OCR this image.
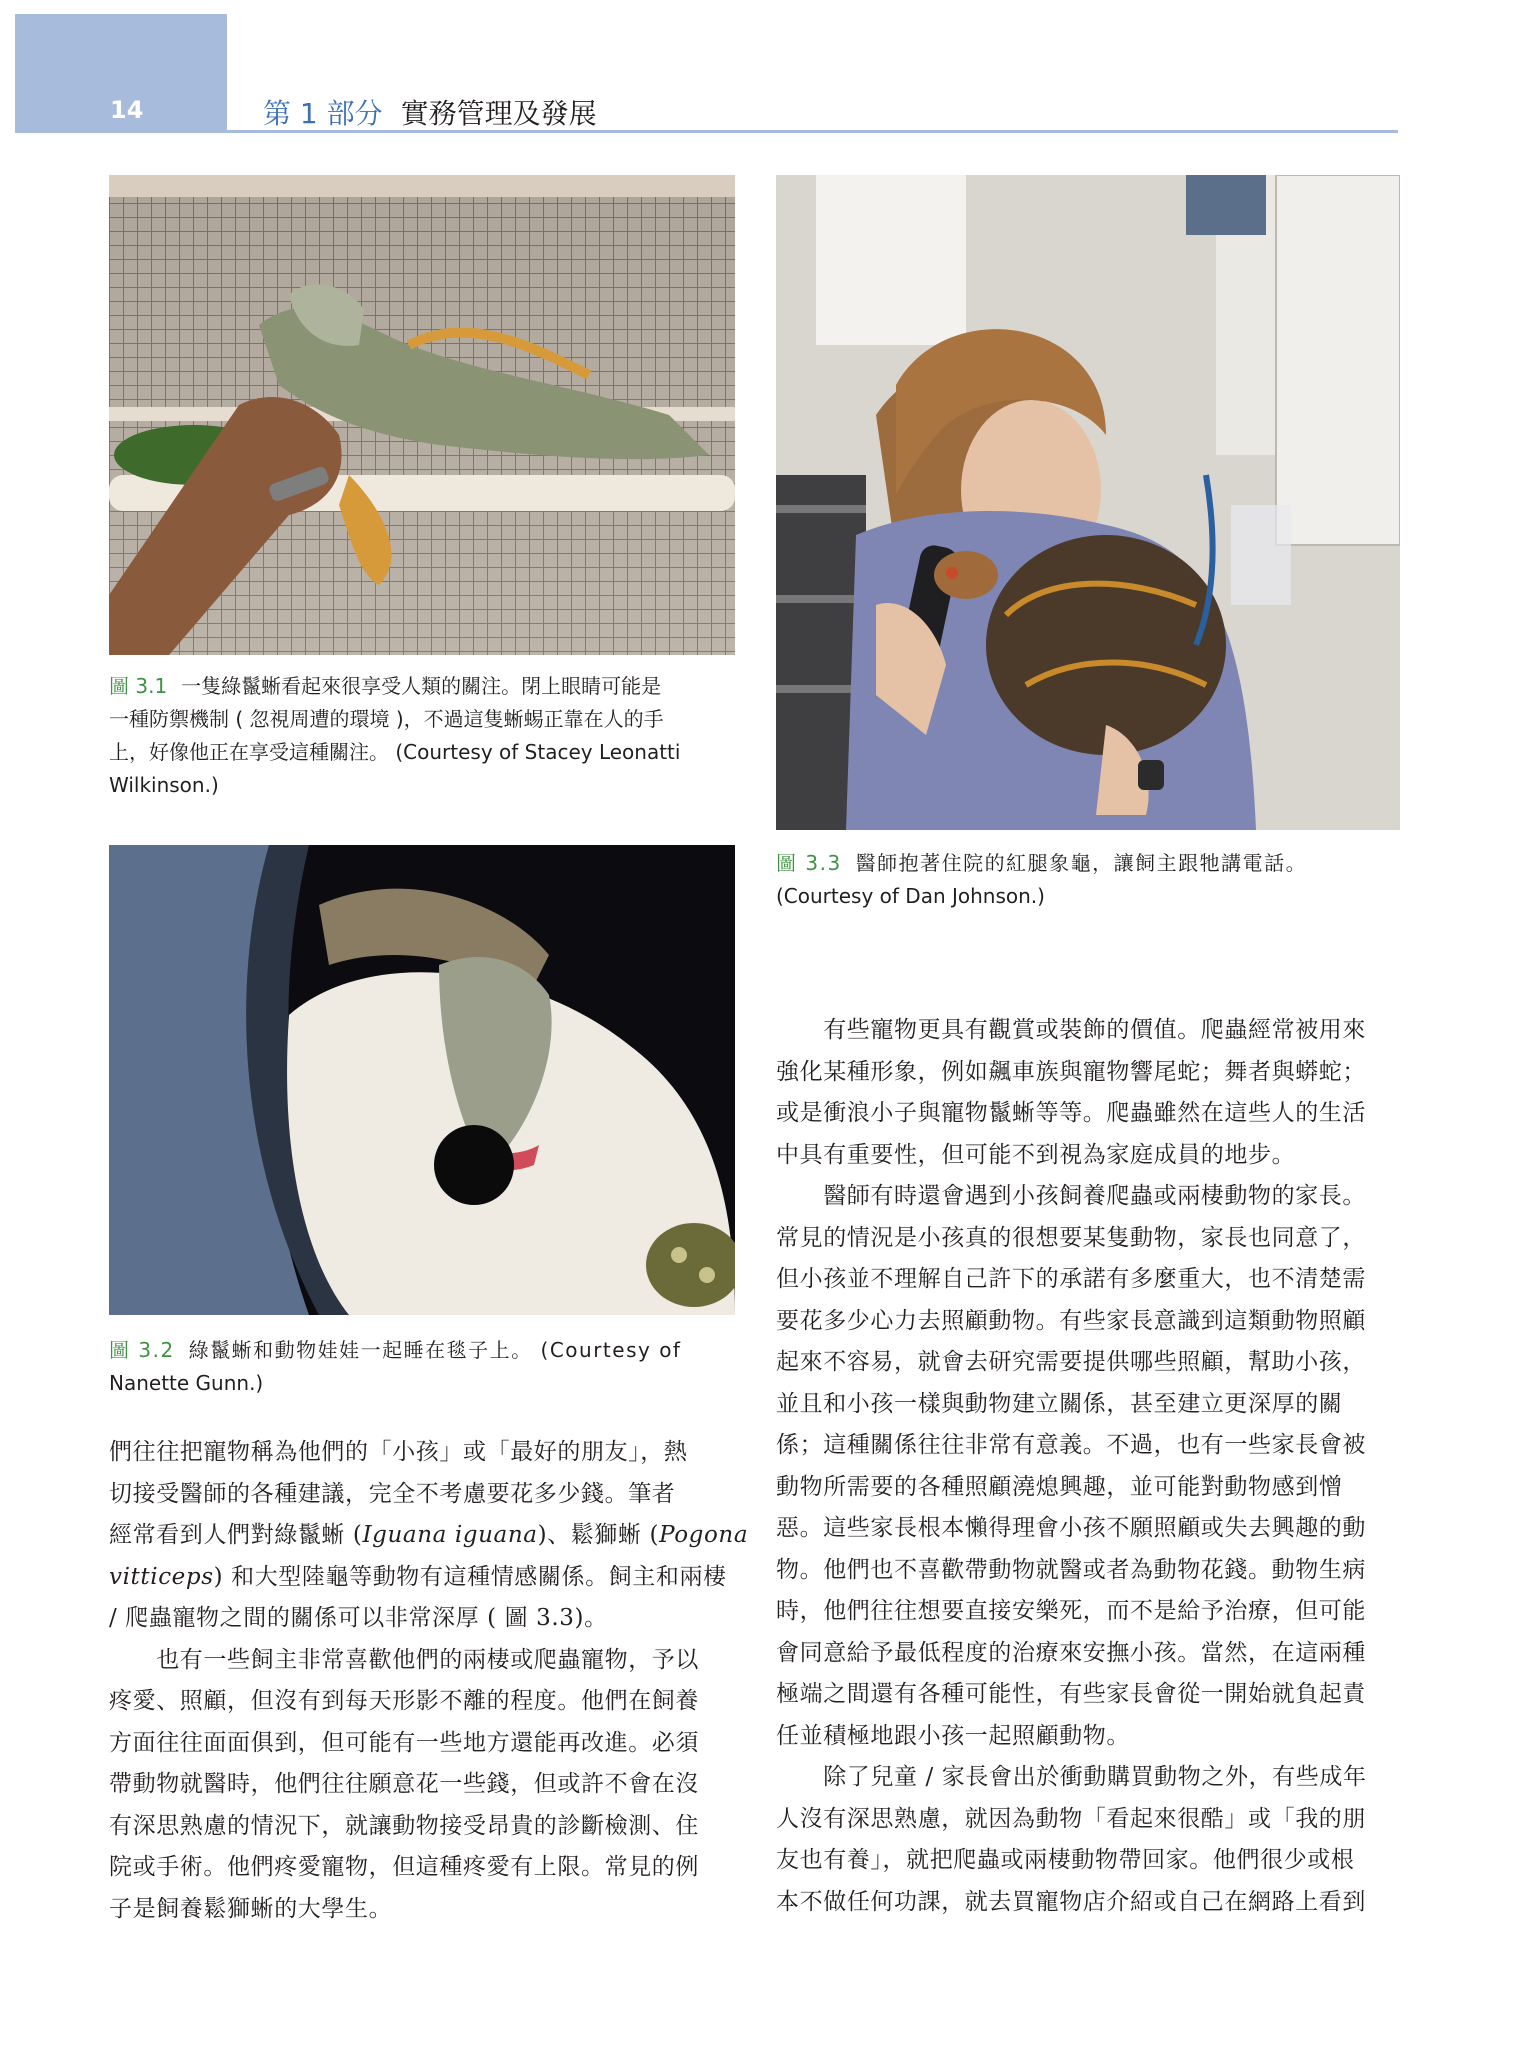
14	第 1 部分 實務管理及發展
圖 3.1 一隻綠鬣蜥看起來很享受人類的關注。閉上眼睛可能是
一種防禦機制 ( 忽視周遭的環境 )，不過這隻蜥蜴正靠在人的手
上，好像他正在享受這種關注。 (Courtesy of Stacey Leonatti
Wilkinson.)
圖 3.3 醫師抱著住院的紅腿象龜，讓飼主跟牠講電話。
(Courtesy of Dan Johnson.)
圖 3.2 綠鬣蜥和動物娃娃一起睡在毯子上。 (Courtesy of
Nanette Gunn.)
們往往把寵物稱為他們的「小孩」或「最好的朋友」，熱
切接受醫師的各種建議，完全不考慮要花多少錢。筆者
經常看到人們對綠鬣蜥 (Iguana iguana)、鬆獅蜥 (Pogona
vitticeps) 和大型陸龜等動物有這種情感關係。飼主和兩棲
/ 爬蟲寵物之間的關係可以非常深厚 ( 圖 3.3)。
　　也有一些飼主非常喜歡他們的兩棲或爬蟲寵物，予以
疼愛、照顧，但沒有到每天形影不離的程度。他們在飼養
方面往往面面俱到，但可能有一些地方還能再改進。必須
帶動物就醫時，他們往往願意花一些錢，但或許不會在沒
有深思熟慮的情況下，就讓動物接受昂貴的診斷檢測、住
院或手術。他們疼愛寵物，但這種疼愛有上限。常見的例
子是飼養鬆獅蜥的大學生。
　　有些寵物更具有觀賞或裝飾的價值。爬蟲經常被用來
強化某種形象，例如飆車族與寵物響尾蛇；舞者與蟒蛇；
或是衝浪小子與寵物鬣蜥等等。爬蟲雖然在這些人的生活
中具有重要性，但可能不到視為家庭成員的地步。
　　醫師有時還會遇到小孩飼養爬蟲或兩棲動物的家長。
常見的情況是小孩真的很想要某隻動物，家長也同意了，
但小孩並不理解自己許下的承諾有多麼重大，也不清楚需
要花多少心力去照顧動物。有些家長意識到這類動物照顧
起來不容易，就會去研究需要提供哪些照顧，幫助小孩，
並且和小孩一樣與動物建立關係，甚至建立更深厚的關
係；這種關係往往非常有意義。不過，也有一些家長會被
動物所需要的各種照顧澆熄興趣，並可能對動物感到憎
惡。這些家長根本懶得理會小孩不願照顧或失去興趣的動
物。他們也不喜歡帶動物就醫或者為動物花錢。動物生病
時，他們往往想要直接安樂死，而不是給予治療，但可能
會同意給予最低程度的治療來安撫小孩。當然，在這兩種
極端之間還有各種可能性，有些家長會從一開始就負起責
任並積極地跟小孩一起照顧動物。
　　除了兒童 / 家長會出於衝動購買動物之外，有些成年
人沒有深思熟慮，就因為動物「看起來很酷」或「我的朋
友也有養」，就把爬蟲或兩棲動物帶回家。他們很少或根
本不做任何功課，就去買寵物店介紹或自己在網路上看到
